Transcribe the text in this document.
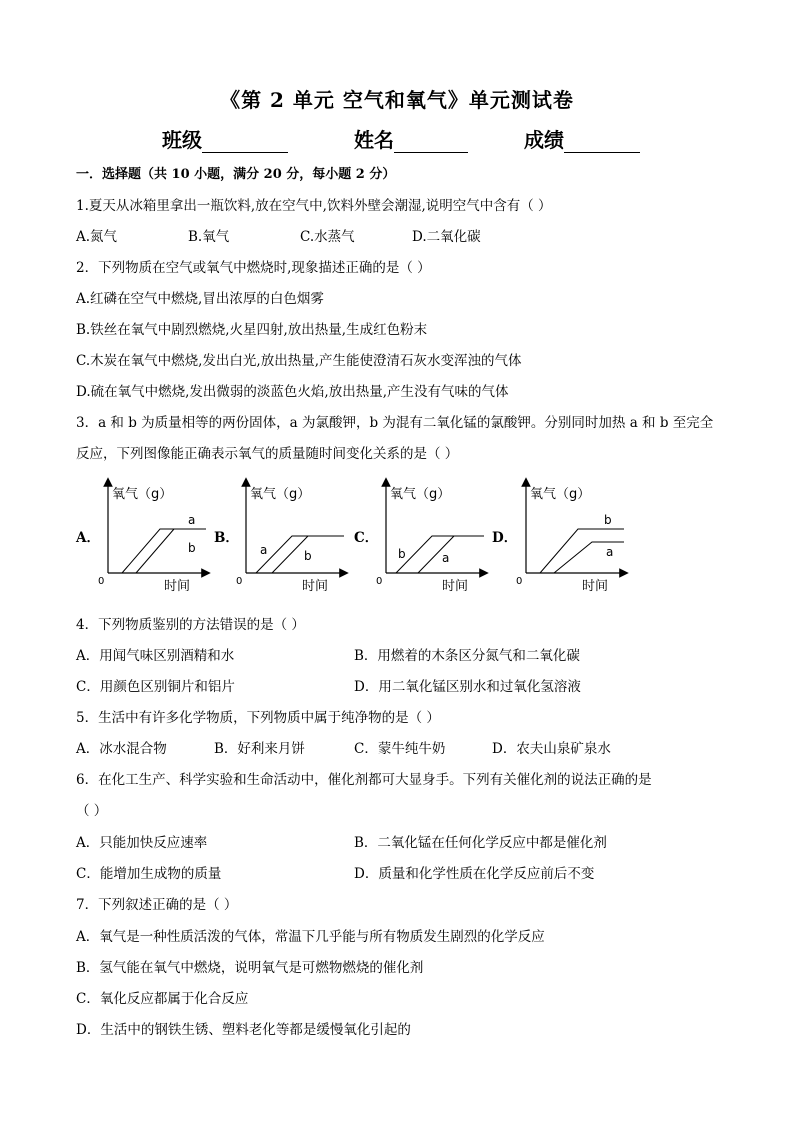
《第 2 单元 空气和氧气》单元测试卷
班级	姓名	成绩
一．选择题（共 10 小题，满分 20 分，每小题 2 分）
1.夏天从冰箱里拿出一瓶饮料,放在空气中,饮料外壁会潮湿,说明空气中含有（ ）
A.氮气	B.氧气	C.水蒸气	D.二氧化碳
2．下列物质在空气或氧气中燃烧时,现象描述正确的是（ ）
A.红磷在空气中燃烧,冒出浓厚的白色烟雾
B.铁丝在氧气中剧烈燃烧,火星四射,放出热量,生成红色粉末
C.木炭在氧气中燃烧,发出白光,放出热量,产生能使澄清石灰水变浑浊的气体
D.硫在氧气中燃烧,发出微弱的淡蓝色火焰,放出热量,产生没有气味的气体
3．a 和 b 为质量相等的两份固体，a 为氯酸钾，b 为混有二氧化锰的氯酸钾。分别同时加热 a 和 b 至完全
反应，下列图像能正确表示氧气的质量随时间变化关系的是（ ）
A．
氧气（g）
时间
0
a
b
B．
氧气（g）
时间
0
a	b
C．
氧气（g）
时间
0
b	a
D．
氧气（g）
时间
0
b
a
4．下列物质鉴别的方法错误的是（ ）
A．用闻气味区别酒精和水	B．用燃着的木条区分氮气和二氧化碳
C．用颜色区别铜片和铝片	D．用二氧化锰区别水和过氧化氢溶液
5．生活中有许多化学物质，下列物质中属于纯净物的是（ ）
A．冰水混合物	B．好利来月饼	C．蒙牛纯牛奶	D．农夫山泉矿泉水
6．在化工生产、科学实验和生命活动中，催化剂都可大显身手。下列有关催化剂的说法正确的是
（ ）
A．只能加快反应速率	B．二氧化锰在任何化学反应中都是催化剂
C．能增加生成物的质量	D．质量和化学性质在化学反应前后不变
7．下列叙述正确的是（ ）
A．氧气是一种性质活泼的气体，常温下几乎能与所有物质发生剧烈的化学反应
B．氢气能在氧气中燃烧，说明氧气是可燃物燃烧的催化剂
C．氧化反应都属于化合反应
D．生活中的钢铁生锈、塑料老化等都是缓慢氧化引起的
